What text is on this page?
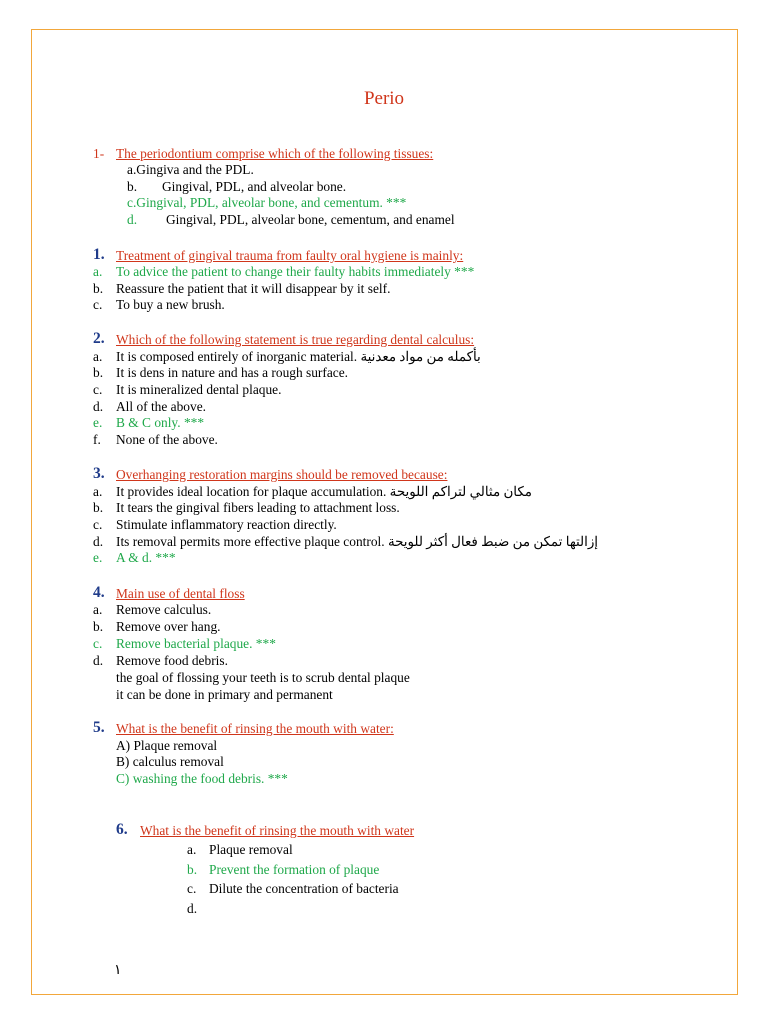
Perio
1- The periodontium comprise which of the following tissues:
a.Gingiva and the PDL.
b. Gingival, PDL, and alveolar bone.
c.Gingival, PDL, alveolar bone, and cementum. ***
d. Gingival, PDL, alveolar bone, cementum, and enamel
1. Treatment of gingival trauma from faulty oral hygiene is mainly:
a. To advice the patient to change their faulty habits immediately ***
b. Reassure the patient that it will disappear by it self.
c. To buy a new brush.
2. Which of the following statement is true regarding dental calculus:
a. It is composed entirely of inorganic material. بأكمله من مواد معدنية
b. It is dens in nature and has a rough surface.
c. It is mineralized dental plaque.
d. All of the above.
e. B & C only. ***
f. None of the above.
3. Overhanging restoration margins should be removed because:
a. It provides ideal location for plaque accumulation. مكان مثالي لتراكم اللويحة
b. It tears the gingival fibers leading to attachment loss.
c. Stimulate inflammatory reaction directly.
d. Its removal permits more effective plaque control. إزالتها تمكن من ضبط فعال أكثر للويحة
e. A & d. ***
4. Main use of dental floss
a. Remove calculus.
b. Remove over hang.
c. Remove bacterial plaque. ***
d. Remove food debris.
the goal of flossing your teeth is to scrub dental plaque
it can be done in primary and permanent
5. What is the benefit of rinsing the mouth with water:
A) Plaque removal
B) calculus removal
C) washing the food debris. ***
6. What is the benefit of rinsing the mouth with water
a. Plaque removal
b. Prevent the formation of plaque
c. Dilute the concentration of bacteria
d.
١
